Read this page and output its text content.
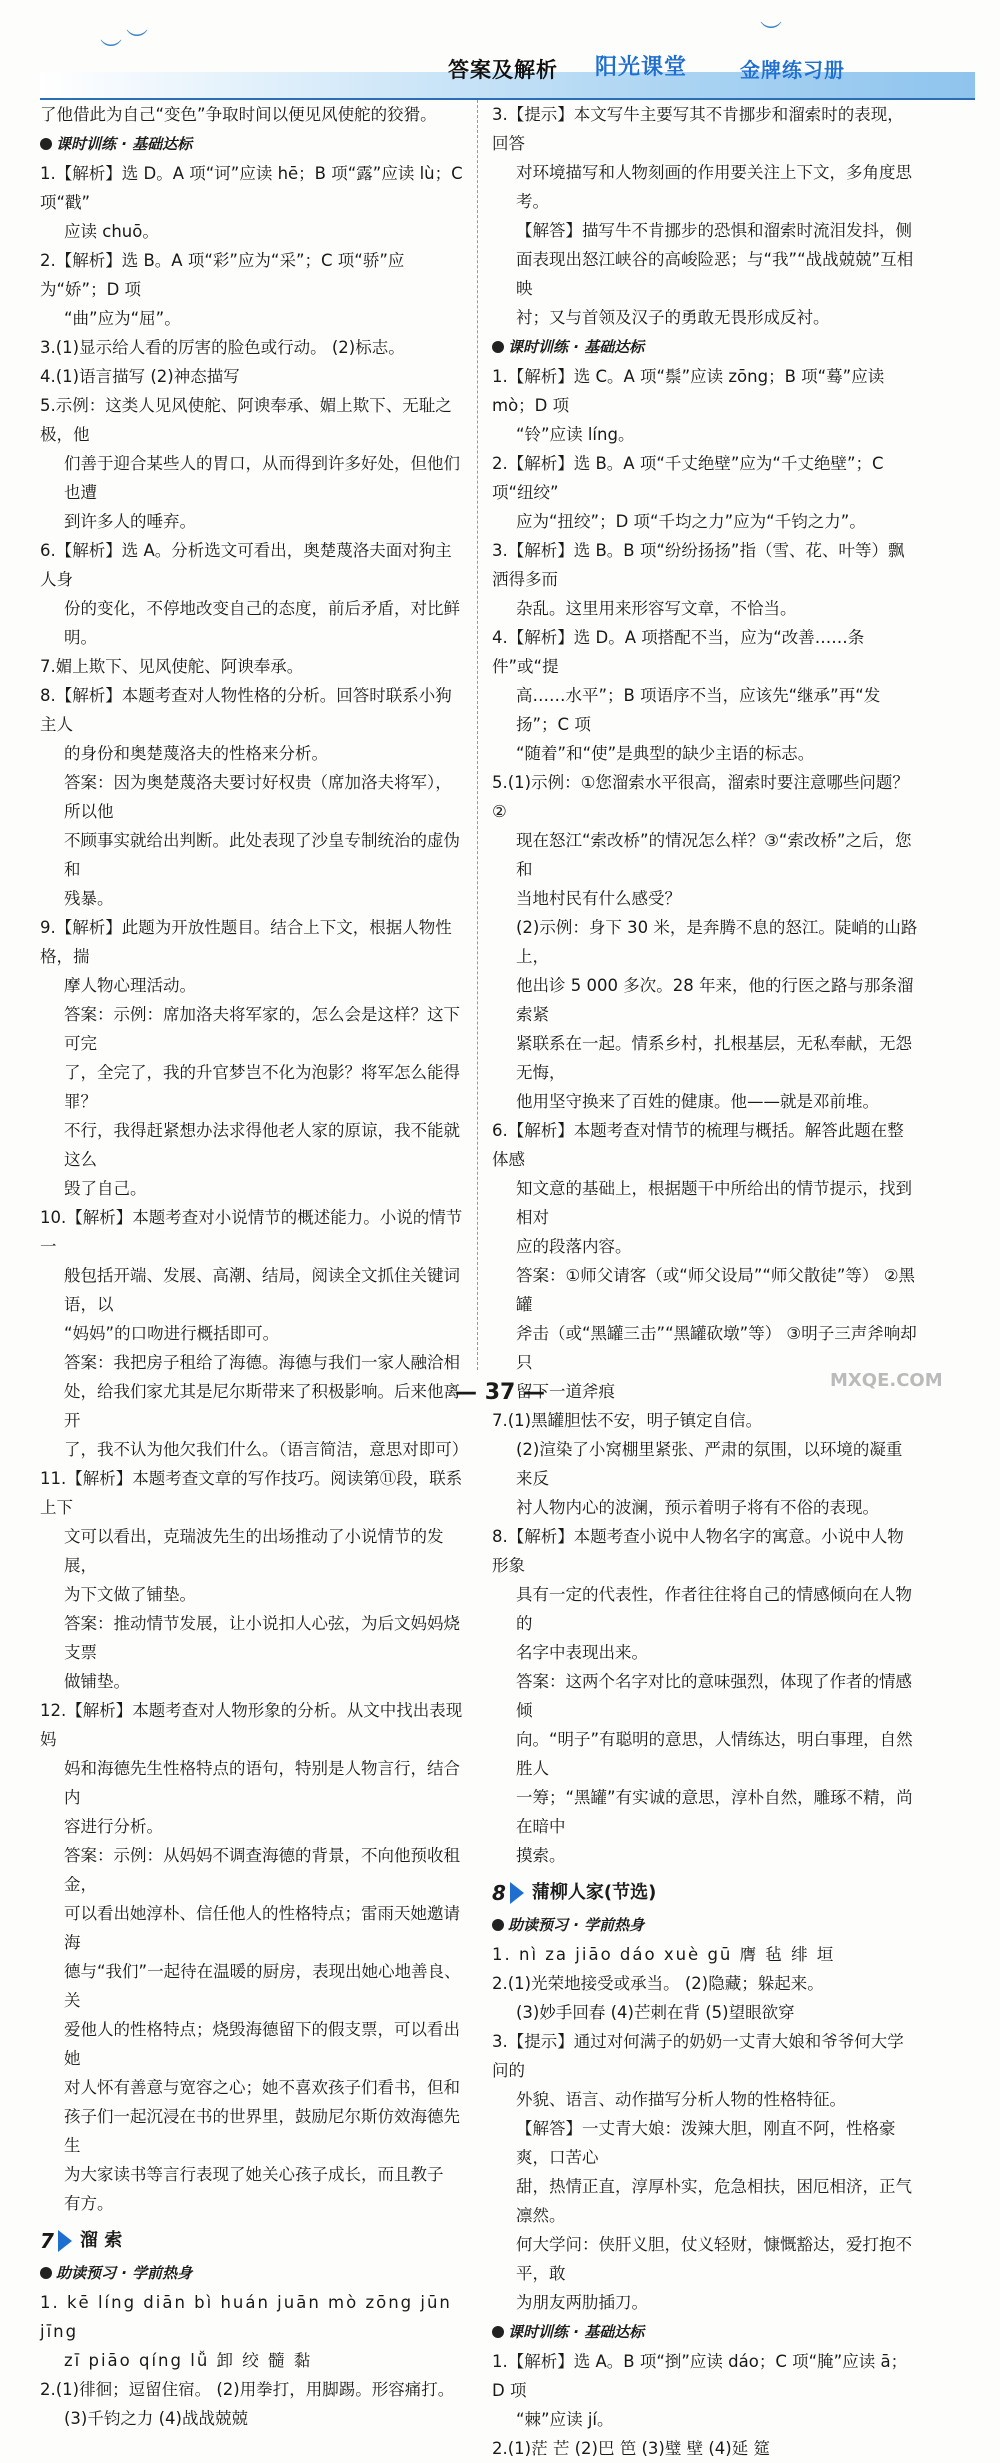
︶ ︶	︶
答案及解析 阳光课堂	金牌练习册
了他借此为自己“变色”争取时间以便见风使舵的狡猾。
课时训练 · 基础达标
1.【解析】选 D。A 项“诃”应读 hē；B 项“露”应读 lù；C 项“戳”
应读 chuō。
2.【解析】选 B。A 项“彩”应为“采”；C 项“骄”应为“娇”；D 项
“曲”应为“屈”。
3.(1)显示给人看的厉害的脸色或行动。 (2)标志。
4.(1)语言描写 (2)神态描写
5.示例：这类人见风使舵、阿谀奉承、媚上欺下、无耻之极，他
们善于迎合某些人的胃口，从而得到许多好处，但他们也遭
到许多人的唾弃。
6.【解析】选 A。分析选文可看出，奥楚蔑洛夫面对狗主人身
份的变化，不停地改变自己的态度，前后矛盾，对比鲜明。
7.媚上欺下、见风使舵、阿谀奉承。
8.【解析】本题考查对人物性格的分析。回答时联系小狗主人
的身份和奥楚蔑洛夫的性格来分析。
答案：因为奥楚蔑洛夫要讨好权贵（席加洛夫将军），所以他
不顾事实就给出判断。此处表现了沙皇专制统治的虚伪和
残暴。
9.【解析】此题为开放性题目。结合上下文，根据人物性格，揣
摩人物心理活动。
答案：示例：席加洛夫将军家的，怎么会是这样？这下可完
了，全完了，我的升官梦岂不化为泡影？将军怎么能得罪？
不行，我得赶紧想办法求得他老人家的原谅，我不能就这么
毁了自己。
10.【解析】本题考查对小说情节的概述能力。小说的情节一
般包括开端、发展、高潮、结局，阅读全文抓住关键词语，以
“妈妈”的口吻进行概括即可。
答案：我把房子租给了海德。海德与我们一家人融洽相
处，给我们家尤其是尼尔斯带来了积极影响。后来他离开
了，我不认为他欠我们什么。（语言简洁，意思对即可）
11.【解析】本题考查文章的写作技巧。阅读第⑪段，联系上下
文可以看出，克瑞波先生的出场推动了小说情节的发展，
为下文做了铺垫。
答案：推动情节发展，让小说扣人心弦，为后文妈妈烧支票
做铺垫。
12.【解析】本题考查对人物形象的分析。从文中找出表现妈
妈和海德先生性格特点的语句，特别是人物言行，结合内
容进行分析。
答案：示例：从妈妈不调查海德的背景，不向他预收租金，
可以看出她淳朴、信任他人的性格特点；雷雨天她邀请海
德与“我们”一起待在温暖的厨房，表现出她心地善良、关
爱他人的性格特点；烧毁海德留下的假支票，可以看出她
对人怀有善意与宽容之心；她不喜欢孩子们看书，但和
孩子们一起沉浸在书的世界里，鼓励尼尔斯仿效海德先生
为大家读书等言行表现了她关心孩子成长，而且教子
有方。
7 溜 索
助读预习 · 学前热身
1. kē líng diān bì huán juān mò zōng jūn jīng
zī piāo qíng lǚ 卸 绞 髓 黏
2.(1)徘徊；逗留住宿。 (2)用拳打，用脚踢。形容痛打。
(3)千钧之力 (4)战战兢兢
3.【提示】本文写牛主要写其不肯挪步和溜索时的表现，回答
对环境描写和人物刻画的作用要关注上下文，多角度思考。
【解答】描写牛不肯挪步的恐惧和溜索时流泪发抖，侧
面表现出怒江峡谷的高峻险恶；与“我”“战战兢兢”互相映
衬；又与首领及汉子的勇敢无畏形成反衬。
课时训练 · 基础达标
1.【解析】选 C。A 项“鬃”应读 zōng；B 项“蓦”应读 mò；D 项
“铃”应读 líng。
2.【解析】选 B。A 项“千丈绝壁”应为“千丈绝壁”；C 项“纽绞”
应为“扭绞”；D 项“千均之力”应为“千钧之力”。
3.【解析】选 B。B 项“纷纷扬扬”指（雪、花、叶等）飘洒得多而
杂乱。这里用来形容写文章，不恰当。
4.【解析】选 D。A 项搭配不当，应为“改善……条件”或“提
高……水平”；B 项语序不当，应该先“继承”再“发扬”；C 项
“随着”和“使”是典型的缺少主语的标志。
5.(1)示例：①您溜索水平很高，溜索时要注意哪些问题？②
现在怒江“索改桥”的情况怎么样？③“索改桥”之后，您和
当地村民有什么感受？
(2)示例：身下 30 米，是奔腾不息的怒江。陡峭的山路上，
他出诊 5 000 多次。28 年来，他的行医之路与那条溜索紧
紧联系在一起。情系乡村，扎根基层，无私奉献，无怨无悔，
他用坚守换来了百姓的健康。他——就是邓前堆。
6.【解析】本题考查对情节的梳理与概括。解答此题在整体感
知文意的基础上，根据题干中所给出的情节提示，找到相对
应的段落内容。
答案：①师父请客（或“师父设局”“师父散徒”等） ②黑罐
斧击（或“黑罐三击”“黑罐砍墩”等） ③明子三声斧响却只
留下一道斧痕
7.(1)黑罐胆怯不安，明子镇定自信。
(2)渲染了小窝棚里紧张、严肃的氛围，以环境的凝重来反
衬人物内心的波澜，预示着明子将有不俗的表现。
8.【解析】本题考查小说中人物名字的寓意。小说中人物形象
具有一定的代表性，作者往往将自己的情感倾向在人物的
名字中表现出来。
答案：这两个名字对比的意味强烈，体现了作者的情感倾
向。“明子”有聪明的意思，人情练达，明白事理，自然胜人
一筹；“黑罐”有实诚的意思，淳朴自然，雕琢不精，尚在暗中
摸索。
8 蒲柳人家(节选)
助读预习 · 学前热身
1. nì za jiāo dáo xuè gū 膺 毡 绯 垣
2.(1)光荣地接受或承当。 (2)隐藏；躲起来。
(3)妙手回春 (4)芒刺在背 (5)望眼欲穿
3.【提示】通过对何满子的奶奶一丈青大娘和爷爷何大学问的
外貌、语言、动作描写分析人物的性格特征。
【解答】一丈青大娘：泼辣大胆，刚直不阿，性格豪爽，口苦心
甜，热情正直，淳厚朴实，危急相扶，困厄相济，正气凛然。
何大学问：侠肝义胆，仗义轻财，慷慨豁达，爱打抱不平，敢
为朋友两肋插刀。
课时训练 · 基础达标
1.【解析】选 A。B 项“捯”应读 dáo；C 项“腌”应读 ā；D 项
“棘”应读 jí。
2.(1)茫 芒 (2)巴 笆 (3)璧 壁 (4)延 筵
— 37 —	MXQE.COM
